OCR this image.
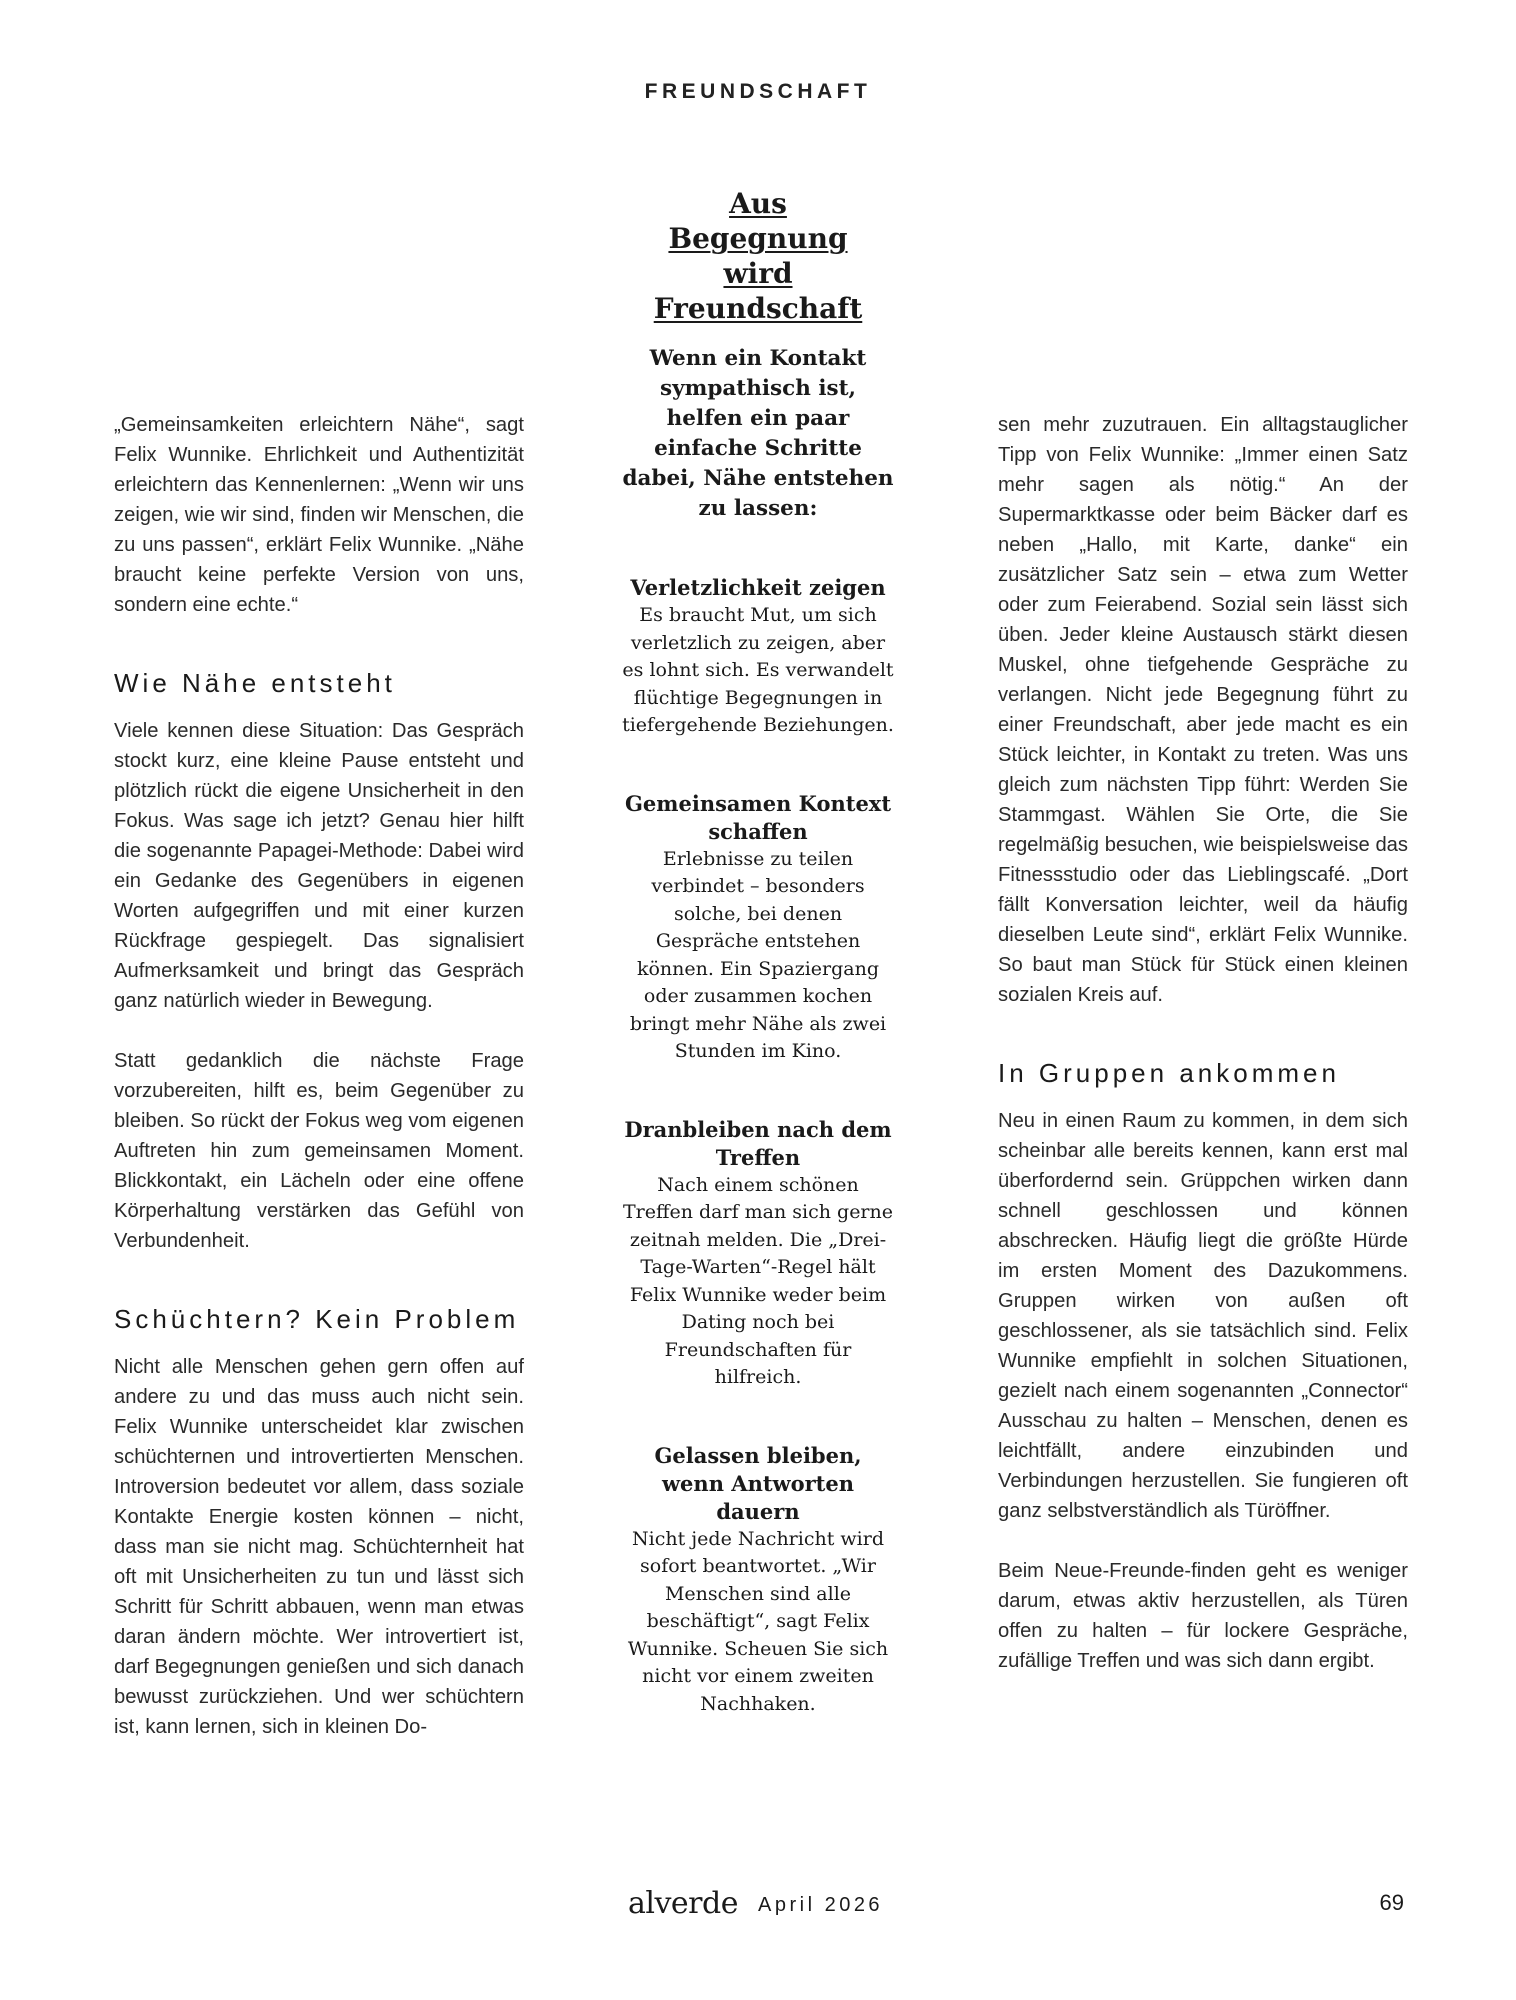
FREUNDSCHAFT

„Gemeinsamkeiten erleichtern Nähe“, sagt Felix Wunnike. Ehrlichkeit und Authentizität erleichtern das Kennenlernen: „Wenn wir uns zeigen, wie wir sind, finden wir Menschen, die zu uns passen“, erklärt Felix Wunnike. „Nähe braucht keine perfekte Version von uns, sondern eine echte.“

Wie Nähe entsteht

Viele kennen diese Situation: Das Gespräch stockt kurz, eine kleine Pause entsteht und plötzlich rückt die eigene Unsicherheit in den Fokus. Was sage ich jetzt? Genau hier hilft die sogenannte Papagei-Methode: Dabei wird ein Gedanke des Gegenübers in eigenen Worten aufgegriffen und mit einer kurzen Rückfrage gespiegelt. Das signalisiert Aufmerksamkeit und bringt das Gespräch ganz natürlich wieder in Bewegung.

Statt gedanklich die nächste Frage vorzubereiten, hilft es, beim Gegenüber zu bleiben. So rückt der Fokus weg vom eigenen Auftreten hin zum gemeinsamen Moment. Blickkontakt, ein Lächeln oder eine offene Körperhaltung verstärken das Gefühl von Verbundenheit.

Schüchtern? Kein Problem

Nicht alle Menschen gehen gern offen auf andere zu und das muss auch nicht sein. Felix Wunnike unterscheidet klar zwischen schüchternen und introvertierten Menschen. Introversion bedeutet vor allem, dass soziale Kontakte Energie kosten können – nicht, dass man sie nicht mag. Schüchternheit hat oft mit Unsicherheiten zu tun und lässt sich Schritt für Schritt abbauen, wenn man etwas daran ändern möchte. Wer introvertiert ist, darf Begegnungen genießen und sich danach bewusst zurückziehen. Und wer schüchtern ist, kann lernen, sich in kleinen Do-

Aus Begegnung wird Freundschaft

Wenn ein Kontakt sympathisch ist, helfen ein paar einfache Schritte dabei, Nähe entstehen zu lassen:

Verletzlichkeit zeigen

Es braucht Mut, um sich verletzlich zu zeigen, aber es lohnt sich. Es verwandelt flüchtige Begegnungen in tiefergehende Beziehungen.

Gemeinsamen Kontext schaffen

Erlebnisse zu teilen verbindet – besonders solche, bei denen Gespräche entstehen können. Ein Spaziergang oder zusammen kochen bringt mehr Nähe als zwei Stunden im Kino.

Dranbleiben nach dem Treffen

Nach einem schönen Treffen darf man sich gerne zeitnah melden. Die „Drei-Tage-Warten“-Regel hält Felix Wunnike weder beim Dating noch bei Freundschaften für hilfreich.

Gelassen bleiben, wenn Antworten dauern

Nicht jede Nachricht wird sofort beantwortet. „Wir Menschen sind alle beschäftigt“, sagt Felix Wunnike. Scheuen Sie sich nicht vor einem zweiten Nachhaken.

sen mehr zuzutrauen. Ein alltagstauglicher Tipp von Felix Wunnike: „Immer einen Satz mehr sagen als nötig.“ An der Supermarktkasse oder beim Bäcker darf es neben „Hallo, mit Karte, danke“ ein zusätzlicher Satz sein – etwa zum Wetter oder zum Feierabend. Sozial sein lässt sich üben. Jeder kleine Austausch stärkt diesen Muskel, ohne tiefgehende Gespräche zu verlangen. Nicht jede Begegnung führt zu einer Freundschaft, aber jede macht es ein Stück leichter, in Kontakt zu treten. Was uns gleich zum nächsten Tipp führt: Werden Sie Stammgast. Wählen Sie Orte, die Sie regelmäßig besuchen, wie beispielsweise das Fitnessstudio oder das Lieblingscafé. „Dort fällt Konversation leichter, weil da häufig dieselben Leute sind“, erklärt Felix Wunnike. So baut man Stück für Stück einen kleinen sozialen Kreis auf.

In Gruppen ankommen

Neu in einen Raum zu kommen, in dem sich scheinbar alle bereits kennen, kann erst mal überfordernd sein. Grüppchen wirken dann schnell geschlossen und können abschrecken. Häufig liegt die größte Hürde im ersten Moment des Dazukommens. Gruppen wirken von außen oft geschlossener, als sie tatsächlich sind. Felix Wunnike empfiehlt in solchen Situationen, gezielt nach einem sogenannten „Connector“ Ausschau zu halten – Menschen, denen es leichtfällt, andere einzubinden und Verbindungen herzustellen. Sie fungieren oft ganz selbstverständlich als Türöffner.

Beim Neue-Freunde-finden geht es weniger darum, etwas aktiv herzustellen, als Türen offen zu halten – für lockere Gespräche, zufällige Treffen und was sich dann ergibt.

alverde April 2026	69
